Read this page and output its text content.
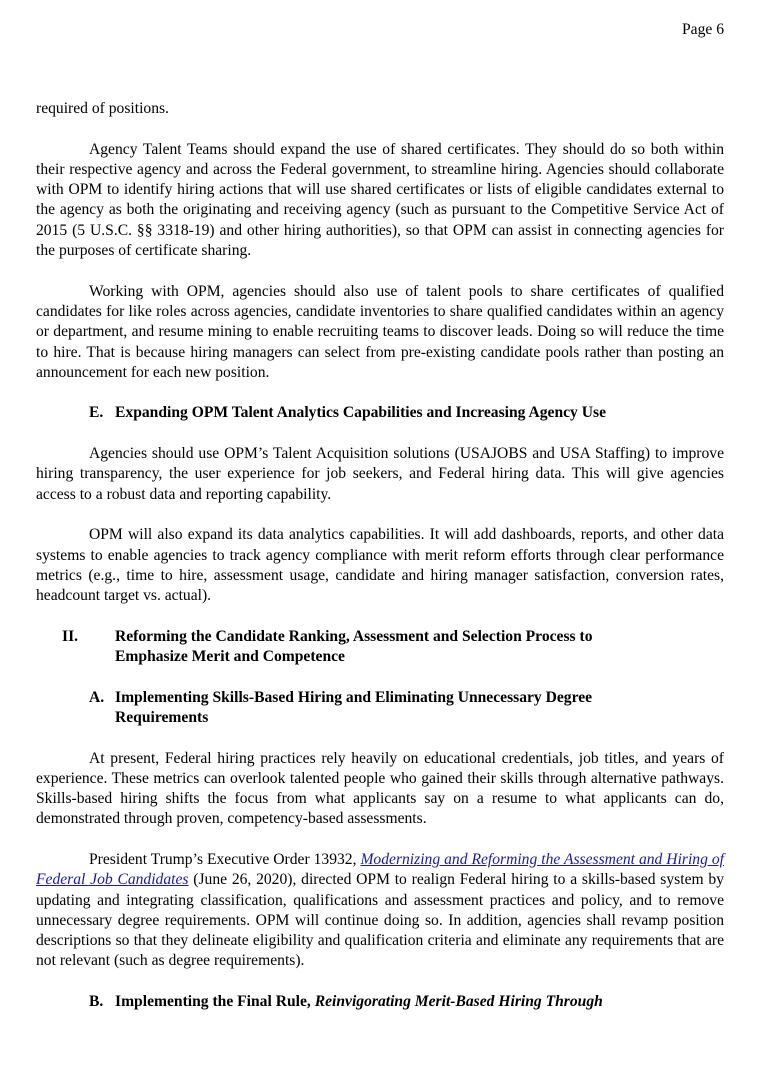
Page 6

required of positions.

Agency Talent Teams should expand the use of shared certificates. They should do so both within their respective agency and across the Federal government, to streamline hiring. Agencies should collaborate with OPM to identify hiring actions that will use shared certificates or lists of eligible candidates external to the agency as both the originating and receiving agency (such as pursuant to the Competitive Service Act of 2015 (5 U.S.C. §§ 3318-19) and other hiring authorities), so that OPM can assist in connecting agencies for the purposes of certificate sharing.

Working with OPM, agencies should also use of talent pools to share certificates of qualified candidates for like roles across agencies, candidate inventories to share qualified candidates within an agency or department, and resume mining to enable recruiting teams to discover leads. Doing so will reduce the time to hire. That is because hiring managers can select from pre-existing candidate pools rather than posting an announcement for each new position.

E. Expanding OPM Talent Analytics Capabilities and Increasing Agency Use

Agencies should use OPM’s Talent Acquisition solutions (USAJOBS and USA Staffing) to improve hiring transparency, the user experience for job seekers, and Federal hiring data. This will give agencies access to a robust data and reporting capability.

OPM will also expand its data analytics capabilities. It will add dashboards, reports, and other data systems to enable agencies to track agency compliance with merit reform efforts through clear performance metrics (e.g., time to hire, assessment usage, candidate and hiring manager satisfaction, conversion rates, headcount target vs. actual).

II.	Reforming the Candidate Ranking, Assessment and Selection Process to Emphasize Merit and Competence
A. Implementing Skills-Based Hiring and Eliminating Unnecessary Degree Requirements

At present, Federal hiring practices rely heavily on educational credentials, job titles, and years of experience. These metrics can overlook talented people who gained their skills through alternative pathways. Skills-based hiring shifts the focus from what applicants say on a resume to what applicants can do, demonstrated through proven, competency-based assessments.

President Trump’s Executive Order 13932, Modernizing and Reforming the Assessment and Hiring of Federal Job Candidates (June 26, 2020), directed OPM to realign Federal hiring to a skills-based system by updating and integrating classification, qualifications and assessment practices and policy, and to remove unnecessary degree requirements. OPM will continue doing so. In addition, agencies shall revamp position descriptions so that they delineate eligibility and qualification criteria and eliminate any requirements that are not relevant (such as degree requirements).

B. Implementing the Final Rule, Reinvigorating Merit-Based Hiring Through
